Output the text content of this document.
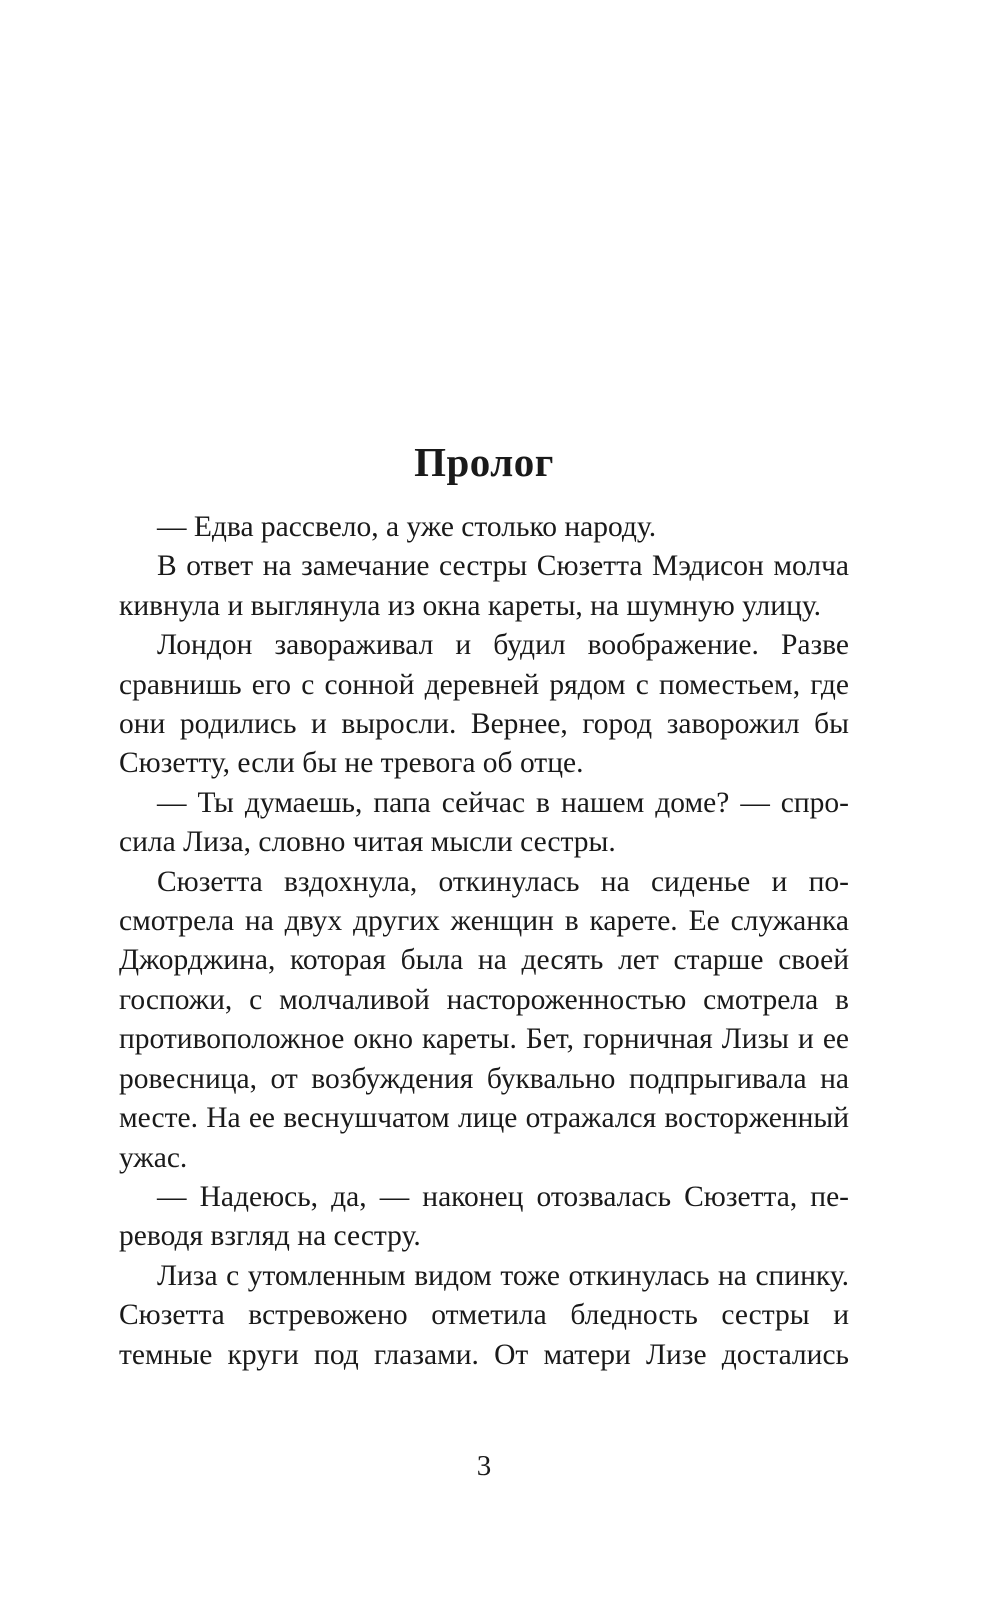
Пролог

— Едва рассвело, а уже столько народу.

В ответ на замечание сестры Сюзетта Мэдисон молча кивнула и выглянула из окна кареты, на шумную улицу.

Лондон завораживал и будил воображение. Разве сравнишь его с сонной деревней рядом с поместьем, где они родились и выросли. Вернее, город заворожил бы Сюзетту, если бы не тревога об отце.

— Ты думаешь, папа сейчас в нашем доме? — спросила Лиза, словно читая мысли сестры.

Сюзетта вздохнула, откинулась на сиденье и посмотрела на двух других женщин в карете. Ее служанка Джорджина, которая была на десять лет старше своей госпожи, с молчаливой настороженностью смотрела в противоположное окно кареты. Бет, горничная Лизы и ее ровесница, от возбуждения буквально подпрыгивала на месте. На ее веснушчатом лице отражался восторженный ужас.

— Надеюсь, да, — наконец отозвалась Сюзетта, переводя взгляд на сестру.

Лиза с утомленным видом тоже откинулась на спинку. Сюзетта встревожено отметила бледность сестры и темные круги под глазами. От матери Лизе достались

3
